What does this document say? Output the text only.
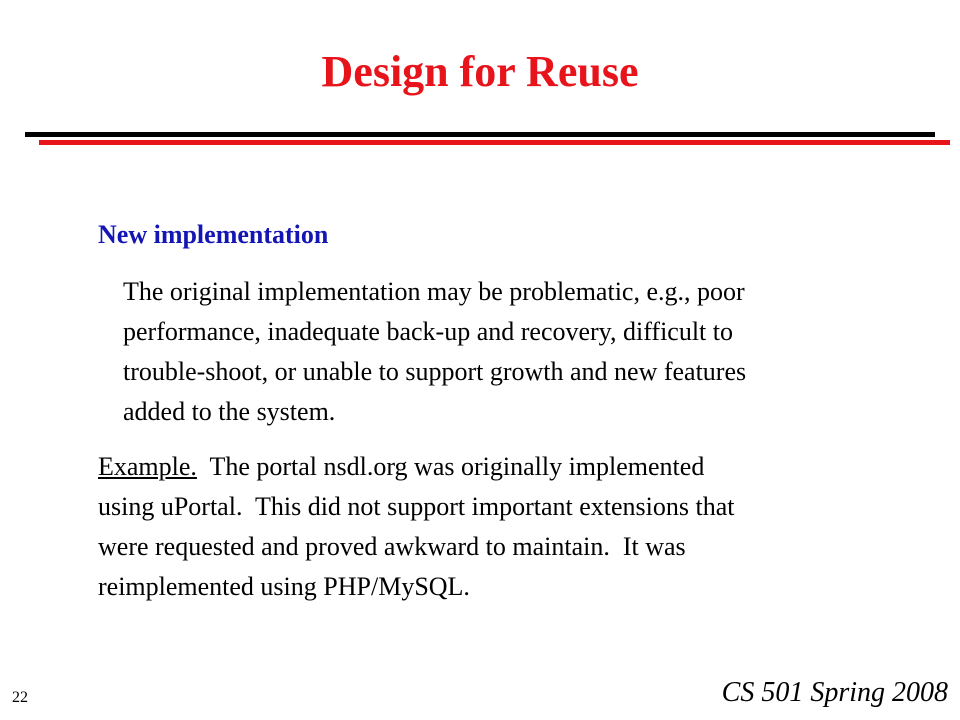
Design for Reuse
New implementation
The original implementation may be problematic, e.g., poor
performance, inadequate back-up and recovery, difficult to
trouble-shoot, or unable to support growth and new features
added to the system.
Example.  The portal nsdl.org was originally implemented
using uPortal.  This did not support important extensions that
were requested and proved awkward to maintain.  It was
reimplemented using PHP/MySQL.
22	CS 501 Spring 2008
